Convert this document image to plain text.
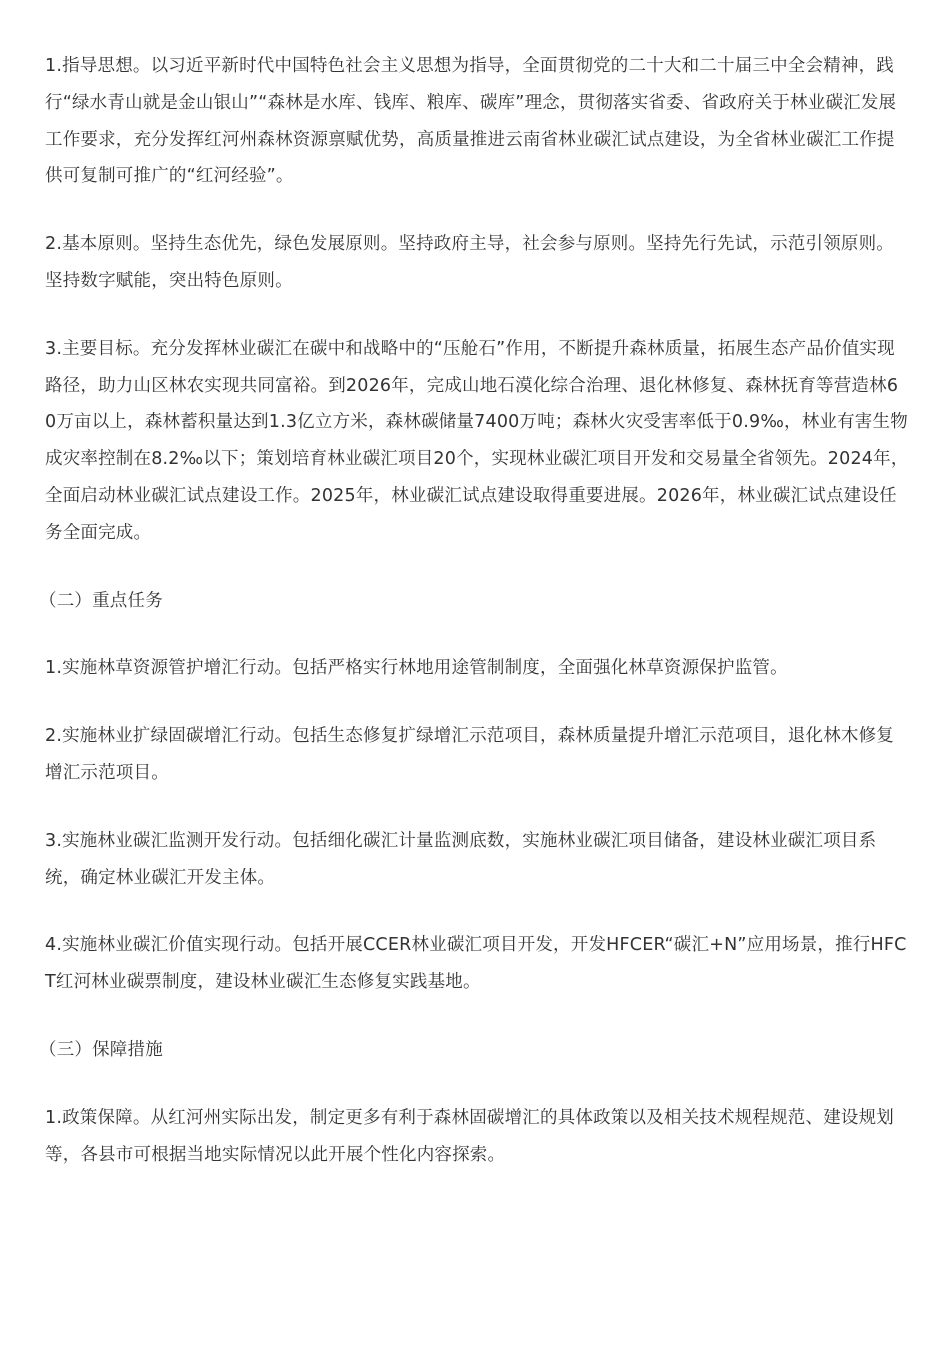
1.指导思想。以习近平新时代中国特色社会主义思想为指导，全面贯彻党的二十大和二十届三中全会精神，践行“绿水青山就是金山银山”“森林是水库、钱库、粮库、碳库”理念，贯彻落实省委、省政府关于林业碳汇发展工作要求，充分发挥红河州森林资源禀赋优势，高质量推进云南省林业碳汇试点建设，为全省林业碳汇工作提供可复制可推广的“红河经验”。

2.基本原则。坚持生态优先，绿色发展原则。坚持政府主导，社会参与原则。坚持先行先试，示范引领原则。坚持数字赋能，突出特色原则。

3.主要目标。充分发挥林业碳汇在碳中和战略中的“压舱石”作用，不断提升森林质量，拓展生态产品价值实现路径，助力山区林农实现共同富裕。到2026年，完成山地石漠化综合治理、退化林修复、森林抚育等营造林60万亩以上，森林蓄积量达到1.3亿立方米，森林碳储量7400万吨；森林火灾受害率低于0.9‰，林业有害生物成灾率控制在8.2‰以下；策划培育林业碳汇项目20个，实现林业碳汇项目开发和交易量全省领先。2024年，全面启动林业碳汇试点建设工作。2025年，林业碳汇试点建设取得重要进展。2026年，林业碳汇试点建设任务全面完成。

（二）重点任务

1.实施林草资源管护增汇行动。包括严格实行林地用途管制制度，全面强化林草资源保护监管。

2.实施林业扩绿固碳增汇行动。包括生态修复扩绿增汇示范项目，森林质量提升增汇示范项目，退化林木修复增汇示范项目。

3.实施林业碳汇监测开发行动。包括细化碳汇计量监测底数，实施林业碳汇项目储备，建设林业碳汇项目系统，确定林业碳汇开发主体。

4.实施林业碳汇价值实现行动。包括开展CCER林业碳汇项目开发，开发HFCER“碳汇+N”应用场景，推行HFCT红河林业碳票制度，建设林业碳汇生态修复实践基地。

（三）保障措施

1.政策保障。从红河州实际出发，制定更多有利于森林固碳增汇的具体政策以及相关技术规程规范、建设规划等，各县市可根据当地实际情况以此开展个性化内容探索。
